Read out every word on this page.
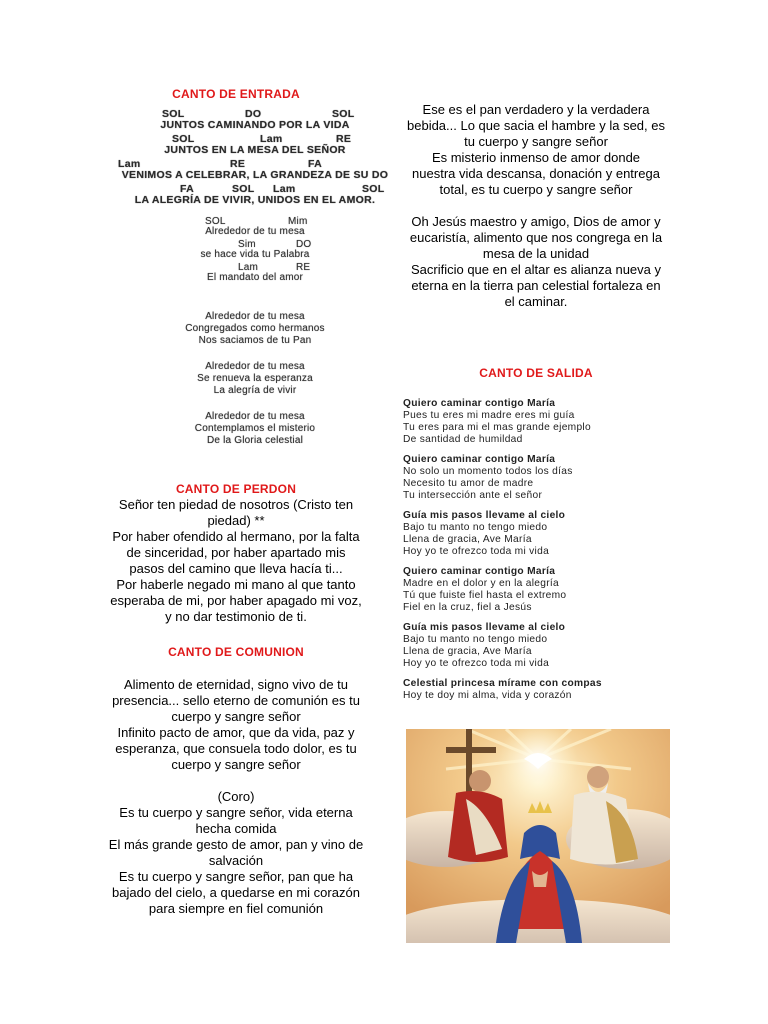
CANTO DE ENTRADA
SOL	DO	SOL
JUNTOS CAMINANDO POR LA VIDA
SOL	Lam	RE
JUNTOS EN LA MESA DEL SEÑOR
Lam	RE	FA
VENIMOS A CELEBRAR, LA GRANDEZA DE SU DO
FA	SOL Lam	SOL
LA ALEGRÍA DE VIVIR, UNIDOS EN EL AMOR.
SOL	Mim
Alrededor de tu mesa
Sim	DO
se hace vida tu Palabra
Lam	RE
El mandato del amor
Alrededor de tu mesa
Congregados como hermanos
Nos saciamos de tu Pan
Alrededor de tu mesa
Se renueva la esperanza
La alegría de vivir
Alrededor de tu mesa
Contemplamos el misterio
De la Gloria celestial
CANTO DE PERDON
Señor ten piedad de nosotros (Cristo ten
piedad) **
Por haber ofendido al hermano, por la falta
de sinceridad, por haber apartado mis
pasos del camino que lleva hacía ti...
Por haberle negado mi mano al que tanto
esperaba de mi, por haber apagado mi voz,
y no dar testimonio de ti.
CANTO DE COMUNION
Alimento de eternidad, signo vivo de tu
presencia... sello eterno de comunión es tu
cuerpo y sangre señor
Infinito pacto de amor, que da vida, paz y
esperanza, que consuela todo dolor, es tu
cuerpo y sangre señor

(Coro)
Es tu cuerpo y sangre señor, vida eterna
hecha comida
El más grande gesto de amor, pan y vino de
salvación
Es tu cuerpo y sangre señor, pan que ha
bajado del cielo, a quedarse en mi corazón
para siempre en fiel comunión
Ese es el pan verdadero y la verdadera
bebida... Lo que sacia el hambre y la sed, es
tu cuerpo y sangre señor
Es misterio inmenso de amor donde
nuestra vida descansa, donación y entrega
total, es tu cuerpo y sangre señor

Oh Jesús maestro y amigo, Dios de amor y
eucaristía, alimento que nos congrega en la
mesa de la unidad
Sacrificio que en el altar es alianza nueva y
eterna en la tierra pan celestial fortaleza en
el caminar.
CANTO DE SALIDA
Quiero caminar contigo María
Pues tu eres mi madre eres mi guía
Tu eres para mi el mas grande ejemplo
De santidad de humildad
Quiero caminar contigo María
No solo un momento todos los días
Necesito tu amor de madre
Tu intersección ante el señor
Guía mis pasos llevame al cielo
Bajo tu manto no tengo miedo
Llena de gracia, Ave María
Hoy yo te ofrezco toda mi vida
Quiero caminar contigo María
Madre en el dolor y en la alegría
Tú que fuiste fiel hasta el extremo
Fiel en la cruz, fiel a Jesús
Guía mis pasos llevame al cielo
Bajo tu manto no tengo miedo
Llena de gracia, Ave María
Hoy yo te ofrezco toda mi vida
Celestial princesa mírame con compas
Hoy te doy mi alma, vida y corazón
